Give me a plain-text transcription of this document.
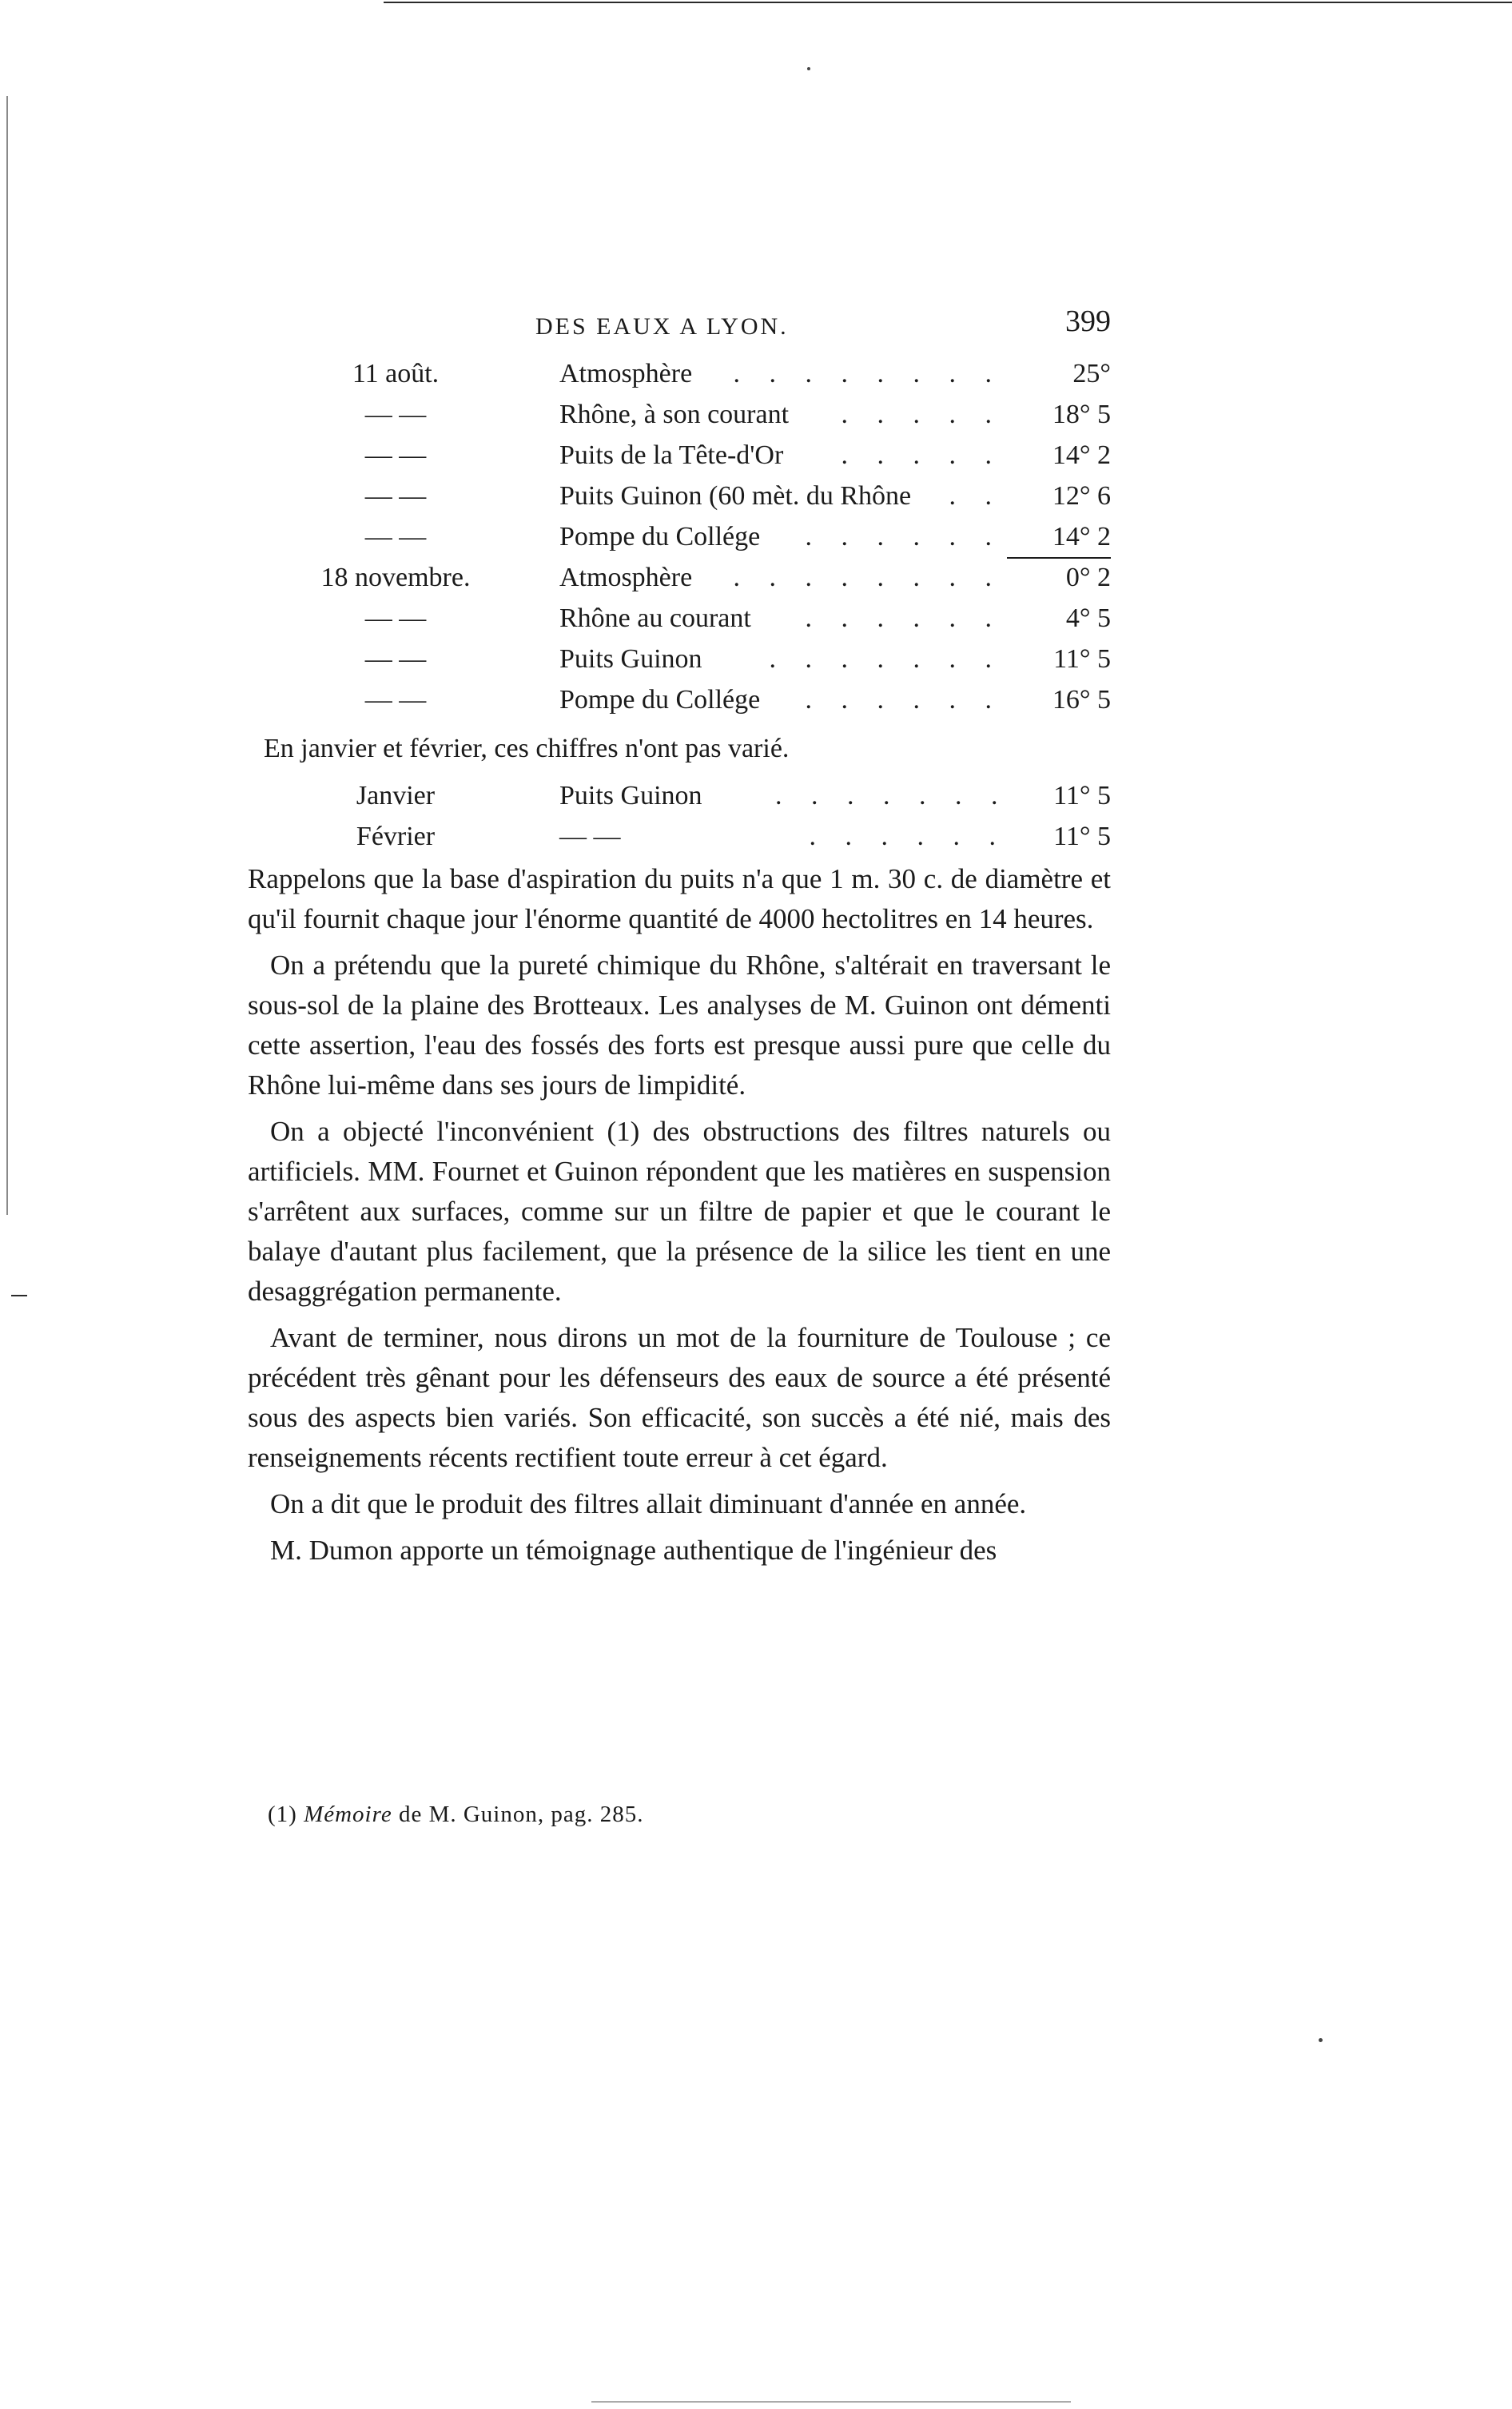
DES EAUX A LYON.	399
11 août.	Atmosphère . . . . . . . .	25°
— —	Rhône, à son courant	. . . . .	18° 5
— —	Puits de la Tête-d'Or	. . . . .	14° 2
— —	Puits Guinon (60 mèt. du Rhône	. .	12° 6
— —	Pompe du Collége	. . . . . .	14° 2
18 novembre.	Atmosphère . . . . . . . .	0° 2
— —	Rhône au courant	. . . . . .	4° 5
— —	Puits Guinon	. . . . . . .	11° 5
— —	Pompe du Collége	. . . . . .	16° 5
En janvier et février, ces chiffres n'ont pas varié.
Janvier	Puits Guinon	. . . . . . . 11° 5
Février	— —	. . . . . . 11° 5

Rappelons que la base d'aspiration du puits n'a que 1 m. 30 c. de diamètre et qu'il fournit chaque jour l'énorme quantité de 4000 hectolitres en 14 heures.

On a prétendu que la pureté chimique du Rhône, s'altérait en traversant le sous-sol de la plaine des Brotteaux. Les analyses de M. Guinon ont démenti cette assertion, l'eau des fossés des forts est presque aussi pure que celle du Rhône lui-même dans ses jours de limpidité.

On a objecté l'inconvénient (1) des obstructions des filtres naturels ou artificiels. MM. Fournet et Guinon répondent que les matières en suspension s'arrêtent aux surfaces, comme sur un filtre de papier et que le courant le balaye d'autant plus facilement, que la présence de la silice les tient en une desaggrégation permanente.

Avant de terminer, nous dirons un mot de la fourniture de Toulouse ; ce précédent très gênant pour les défenseurs des eaux de source a été présenté sous des aspects bien variés. Son efficacité, son succès a été nié, mais des renseignements récents rectifient toute erreur à cet égard.

On a dit que le produit des filtres allait diminuant d'année en année.

M. Dumon apporte un témoignage authentique de l'ingénieur des

(1) Mémoire de M. Guinon, pag. 285.
